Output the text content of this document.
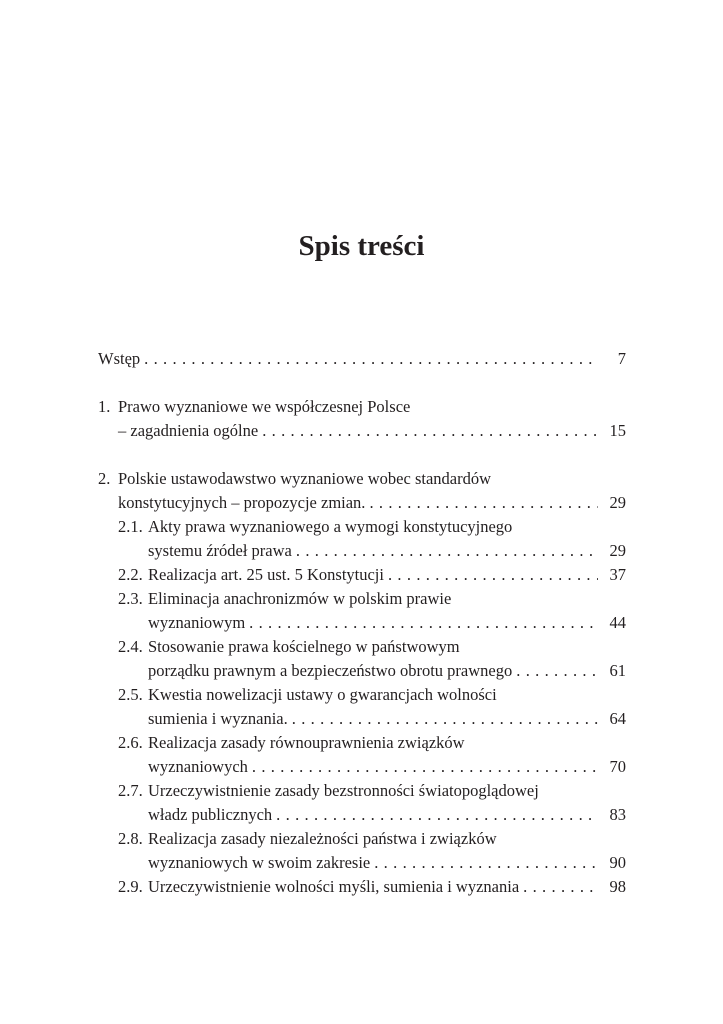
Spis treści
Wstęp . . .	7
1. Prawo wyznaniowe we współczesnej Polsce
– zagadnienia ogólne . . .	15
2. Polskie ustawodawstwo wyznaniowe wobec standardów
konstytucyjnych – propozycje zmian. . . .	29
2.1. Akty prawa wyznaniowego a wymogi konstytucyjnego
systemu źródeł prawa . . .	29
2.2. Realizacja art. 25 ust. 5 Konstytucji . . .	37
2.3. Eliminacja anachronizmów w polskim prawie
wyznaniowym . . .	44
2.4. Stosowanie prawa kościelnego w państwowym
porządku prawnym a bezpieczeństwo obrotu prawnego . . .	61
2.5. Kwestia nowelizacji ustawy o gwarancjach wolności
sumienia i wyznania. . . .	64
2.6. Realizacja zasady równouprawnienia związków
wyznaniowych . . .	70
2.7. Urzeczywistnienie zasady bezstronności światopoglądowej
władz publicznych . . .	83
2.8. Realizacja zasady niezależności państwa i związków
wyznaniowych w swoim zakresie . . .	90
2.9. Urzeczywistnienie wolności myśli, sumienia i wyznania . . .	98
